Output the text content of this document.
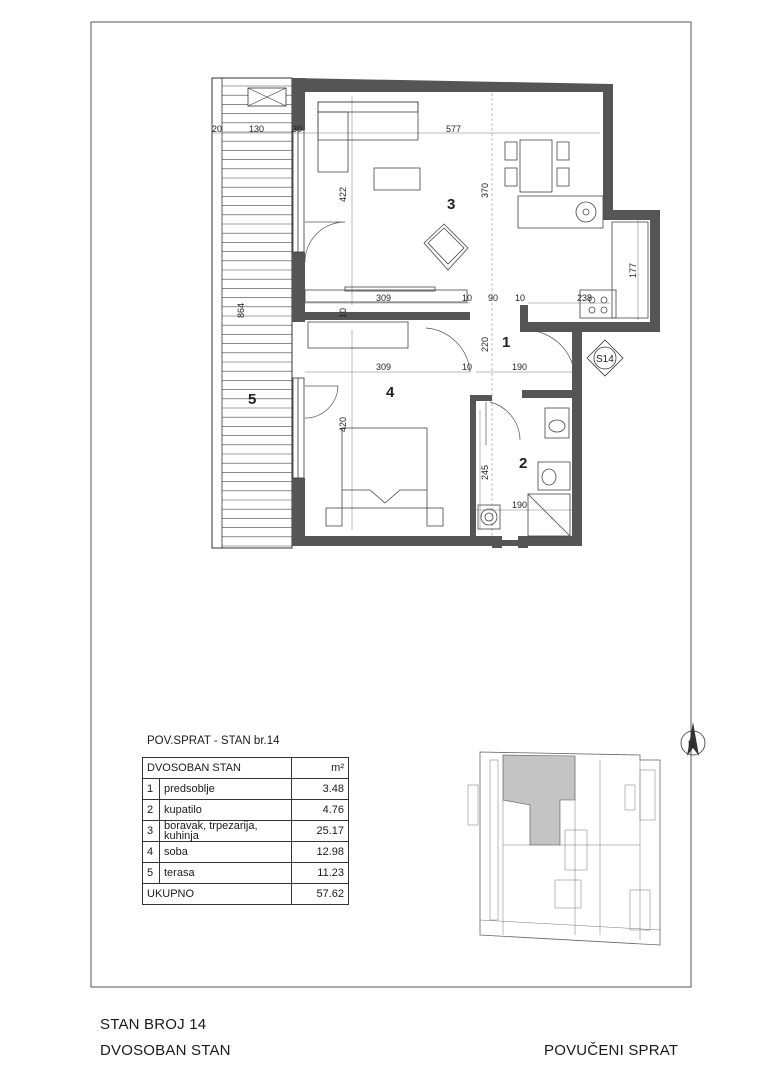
20	130	30	577
422	370
177
864
309	10 90 10	238
10
220
309	10	190
420
245
190
3
1
4
2
5
S14
N
POV.SPRAT - STAN br.14
DVOSOBAN STAN		m²
1	predsoblje	3.48
2	kupatilo	4.76
3	boravak, trpezarija, kuhinja	25.17
4	soba	12.98
5	terasa	11.23
UKUPNO		57.62
STAN BROJ 14
DVOSOBAN STAN	POVUČENI SPRAT
